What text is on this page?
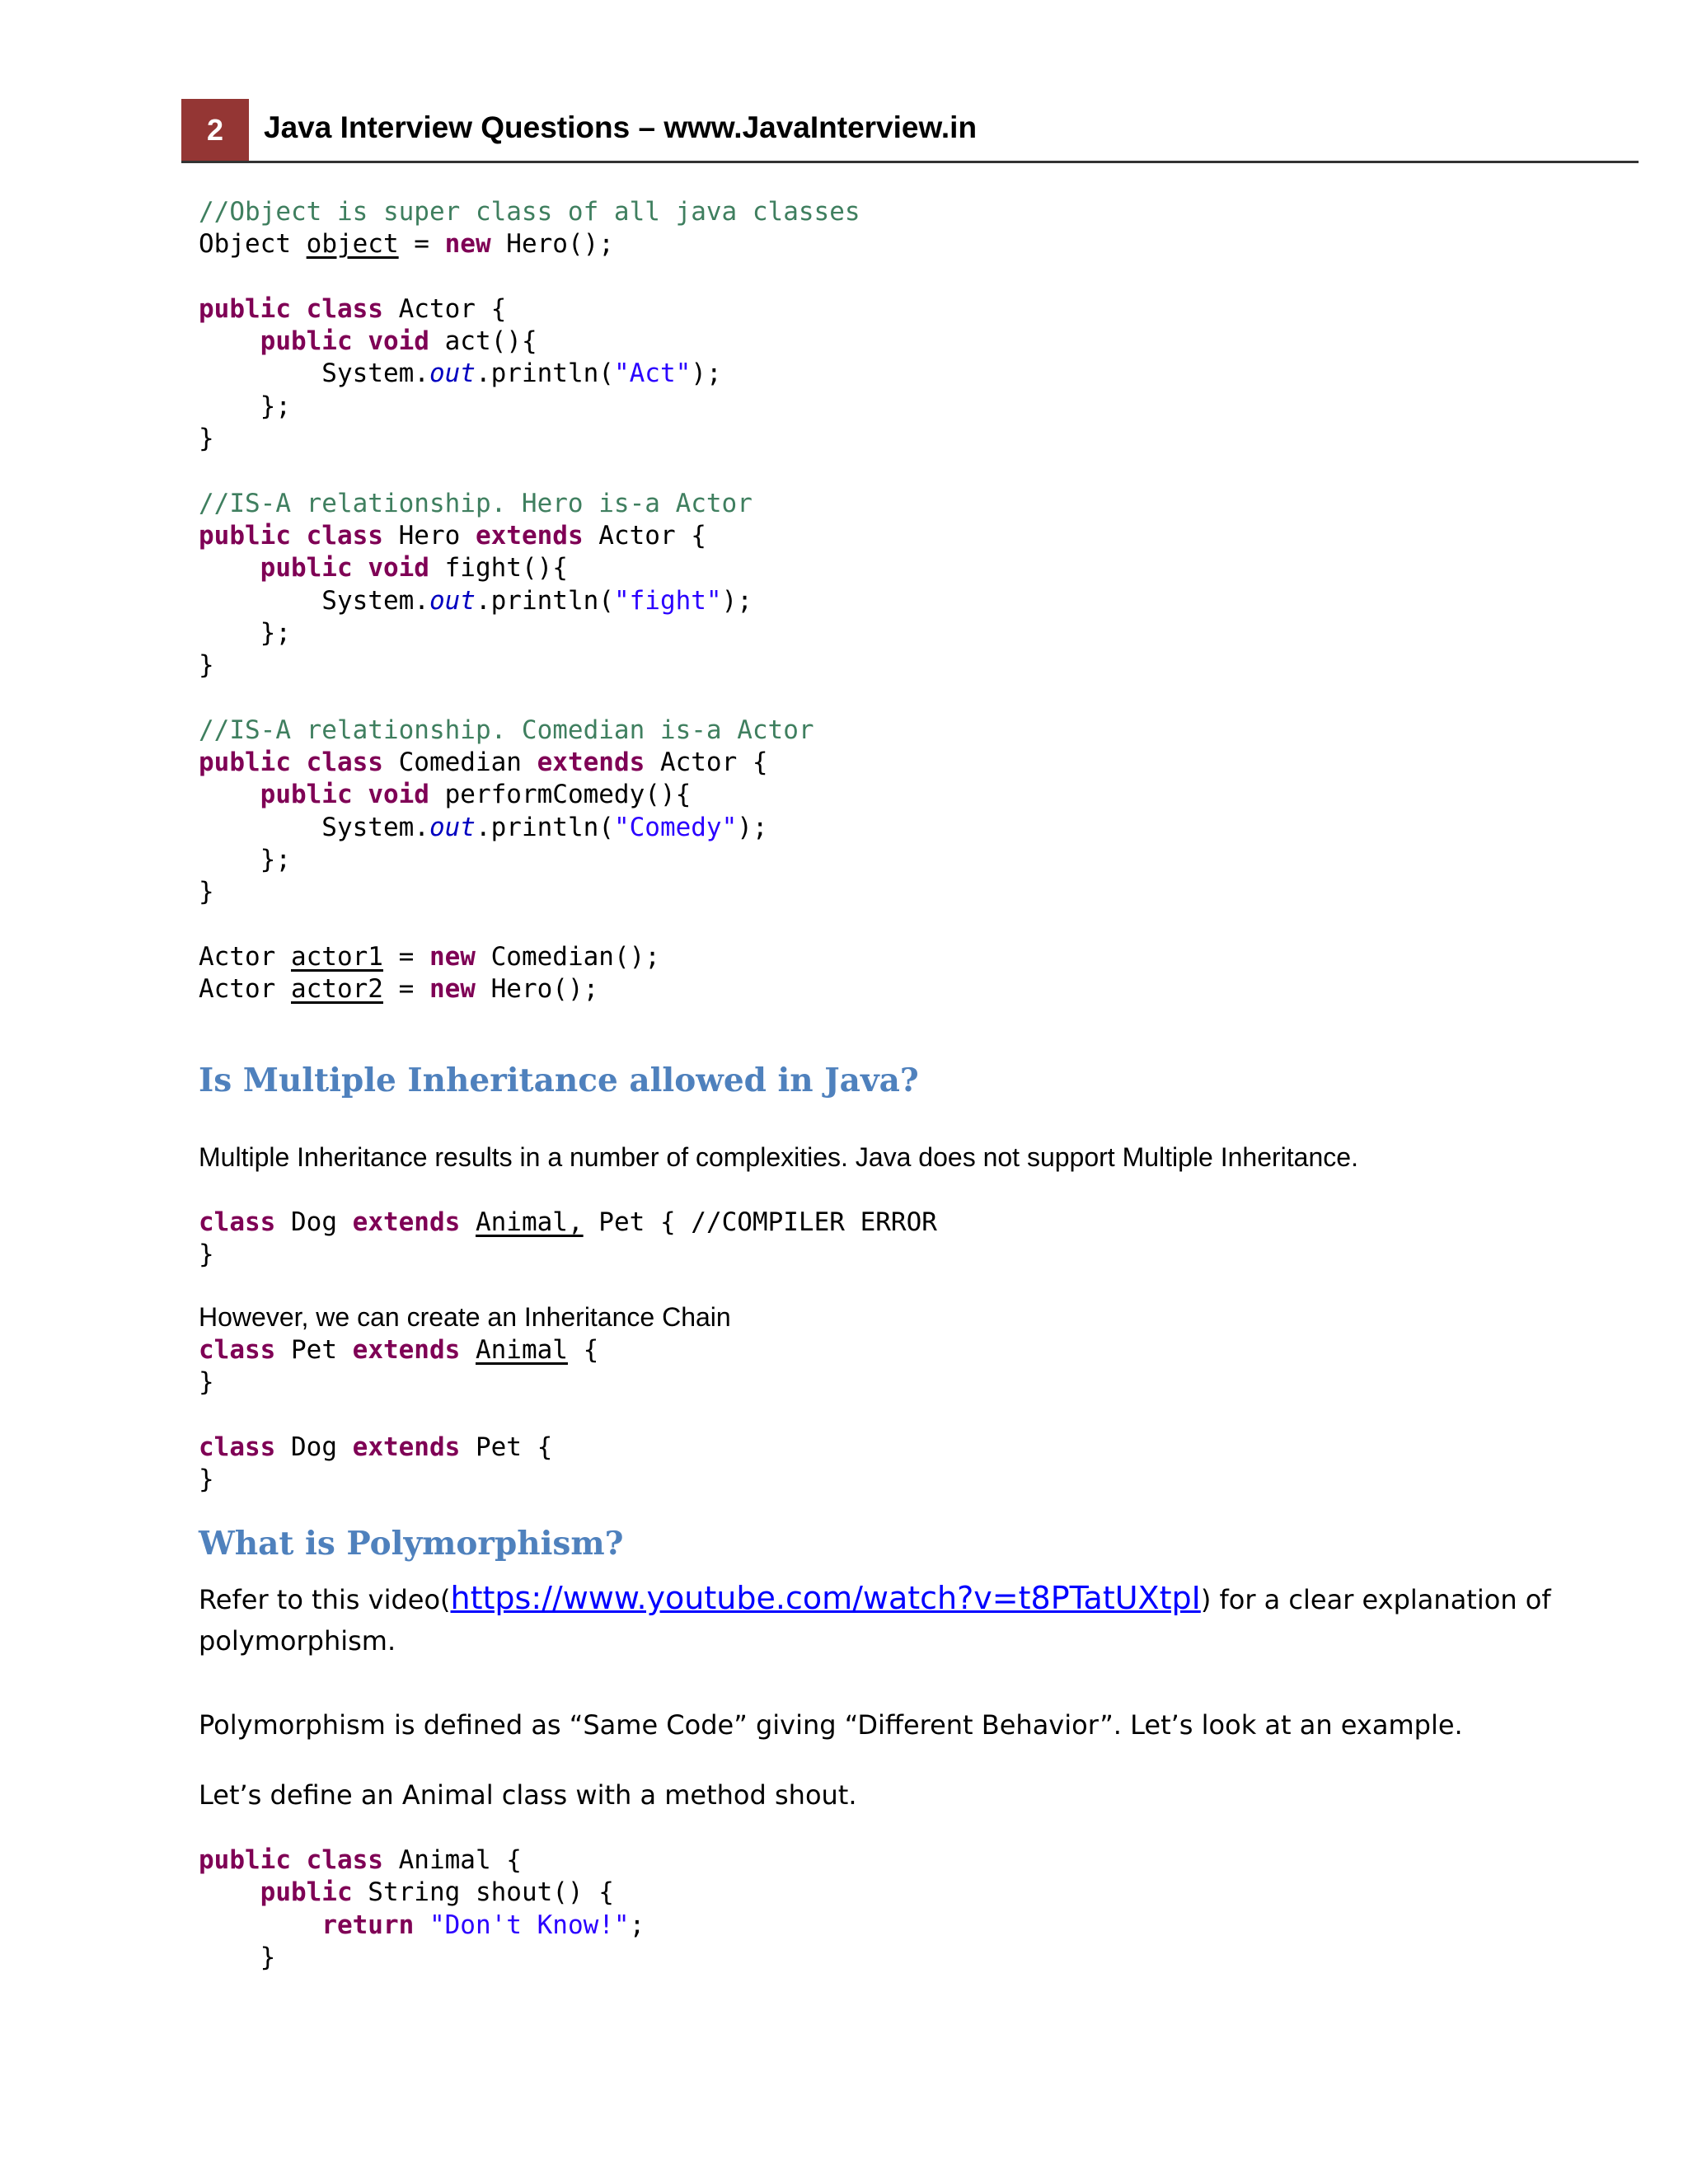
2	Java Interview Questions – www.JavaInterview.in
//Object is super class of all java classes
Object object = new Hero();

public class Actor {
public void act(){
System.out.println("Act");
};
}

//IS-A relationship. Hero is-a Actor
public class Hero extends Actor {
public void fight(){
System.out.println("fight");
};
}

//IS-A relationship. Comedian is-a Actor
public class Comedian extends Actor {
public void performComedy(){
System.out.println("Comedy");
};
}

Actor actor1 = new Comedian();
Actor actor2 = new Hero();
Is Multiple Inheritance allowed in Java?

Multiple Inheritance results in a number of complexities. Java does not support Multiple Inheritance.

class Dog extends Animal, Pet { //COMPILER ERROR
}

However, we can create an Inheritance Chain

class Pet extends Animal {
}

class Dog extends Pet {
}
What is Polymorphism?

Refer to this video(https://www.youtube.com/watch?v=t8PTatUXtpI) for a clear explanation of

polymorphism.

Polymorphism is defined as “Same Code” giving “Different Behavior”. Let’s look at an example.

Let’s define an Animal class with a method shout.

public class Animal {
public String shout() {
return "Don't Know!";
}
